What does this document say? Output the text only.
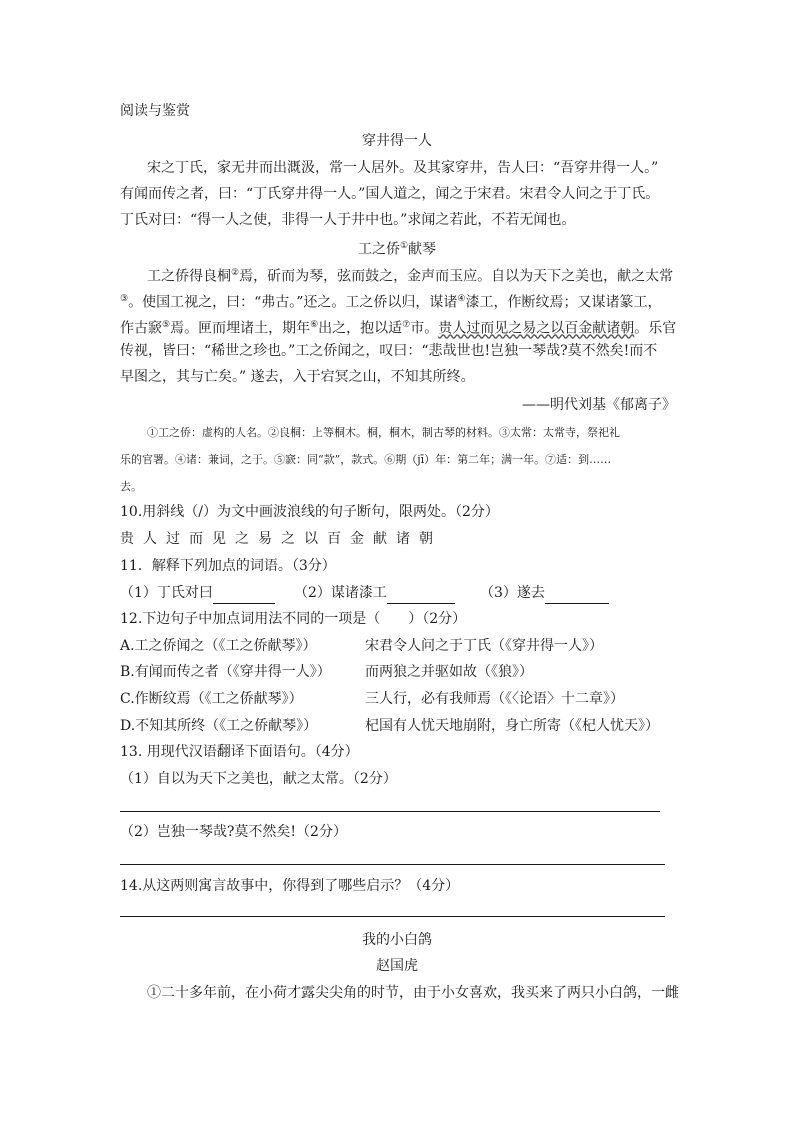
阅读与鉴赏
穿井得一人
宋之丁氏，家无井而出溉汲，常一人居外。及其家穿井，告人曰：“吾穿井得一人。”
有闻而传之者，曰：“丁氏穿井得一人。”国人道之，闻之于宋君。宋君令人问之于丁氏。
丁氏对曰：“得一人之使，非得一人于井中也。”求闻之若此，不若无闻也。
工之侨①献琴
工之侨得良桐②焉，斫而为琴，弦而鼓之，金声而玉应。自以为天下之美也，献之太常
③。使国工视之，曰：“弗古。”还之。工之侨以归，谋诸④漆工，作断纹焉；又谋诸篆工，
作古窾⑤焉。匣而埋诸土，期年⑥出之，抱以适⑦市。贵人过而见之易之以百金献诸朝。乐官
传视，皆曰：“稀世之珍也。”工之侨闻之，叹曰：“悲哉世也!岂独一琴哉?莫不然矣!而不
早图之，其与亡矣。” 遂去，入于宕冥之山，不知其所终。
——明代刘基《郁离子》
①工之侨：虚构的人名。②良桐：上等桐木。桐，桐木，制古琴的材料。③太常：太常寺，祭祀礼
乐的官署。④诸：兼词，之于。⑤窾：同“款”，款式。⑥期（jī）年：第二年；满一年。⑦适：到……
去。
10.用斜线（/）为文中画波浪线的句子断句，限两处。（2分）
贵人过而见之易之以百金献诸朝
11．解释下列加点的词语。（3分）
（1）丁氏对曰	（2）谋诸漆工	（3）遂去
12.下边句子中加点词用法不同的一项是（　　）（2分）
A.工之侨闻之（《工之侨献琴》）	宋君令人问之于丁氏（《穿井得一人》）
B.有闻而传之者（《穿井得一人》） 而两狼之并驱如故（《狼》）
C.作断纹焉（《工之侨献琴》）	三人行，必有我师焉（《〈论语〉十二章》）
D.不知其所终（《工之侨献琴》）	杞国有人忧天地崩附，身亡所寄（《杞人忧天》）
13. 用现代汉语翻译下面语句。（4分）
（1）自以为天下之美也，献之太常。（2分）
（2）岂独一琴哉?莫不然矣!（2分）
14.从这两则寓言故事中，你得到了哪些启示？（4分）
我的小白鸽
赵国虎
①二十多年前，在小荷才露尖尖角的时节，由于小女喜欢，我买来了两只小白鸽，一雌
